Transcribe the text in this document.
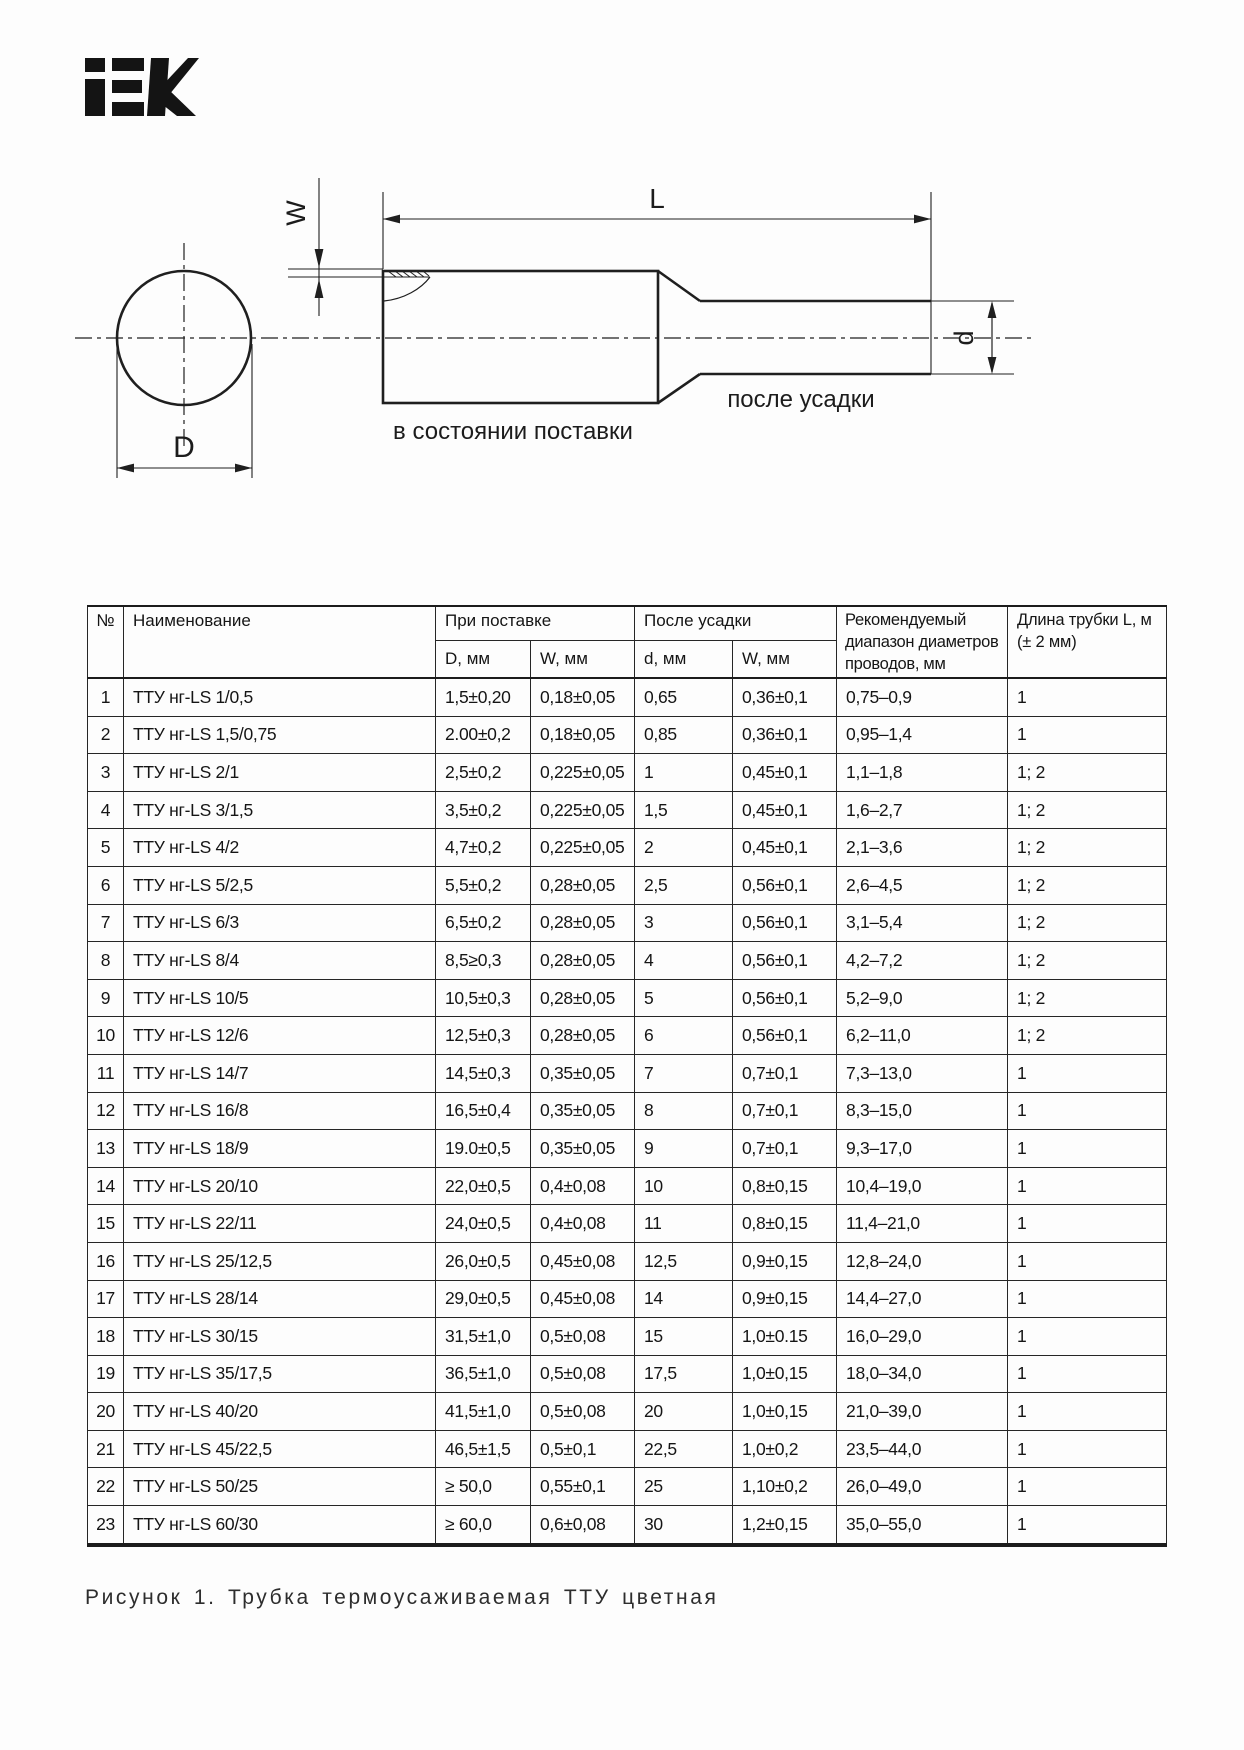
W	L
d
D	в состоянии поставки
после усадки
№	Наименование	При поставке		После усадки		Рекомендуемый диапазон диаметров проводов, мм	Длина трубки L, м
(± 2 мм)

		D, мм	W, мм	d, мм	W, мм		
1	ТТУ нг-LS 1/0,5	1,5±0,20	0,18±0,05	0,65	0,36±0,1	0,75–0,9	1
2	ТТУ нг-LS 1,5/0,75	2.00±0,2	0,18±0,05	0,85	0,36±0,1	0,95–1,4	1
3	ТТУ нг-LS 2/1	2,5±0,2	0,225±0,05	1	0,45±0,1	1,1–1,8	1; 2
4	ТТУ нг-LS 3/1,5	3,5±0,2	0,225±0,05	1,5	0,45±0,1	1,6–2,7	1; 2
5	ТТУ нг-LS 4/2	4,7±0,2	0,225±0,05	2	0,45±0,1	2,1–3,6	1; 2
6	ТТУ нг-LS 5/2,5	5,5±0,2	0,28±0,05	2,5	0,56±0,1	2,6–4,5	1; 2
7	ТТУ нг-LS 6/3	6,5±0,2	0,28±0,05	3	0,56±0,1	3,1–5,4	1; 2
8	ТТУ нг-LS 8/4	8,5≥0,3	0,28±0,05	4	0,56±0,1	4,2–7,2	1; 2
9	ТТУ нг-LS 10/5	10,5±0,3	0,28±0,05	5	0,56±0,1	5,2–9,0	1; 2
10	ТТУ нг-LS 12/6	12,5±0,3	0,28±0,05	6	0,56±0,1	6,2–11,0	1; 2
11	ТТУ нг-LS 14/7	14,5±0,3	0,35±0,05	7	0,7±0,1	7,3–13,0	1
12	ТТУ нг-LS 16/8	16,5±0,4	0,35±0,05	8	0,7±0,1	8,3–15,0	1
13	ТТУ нг-LS 18/9	19.0±0,5	0,35±0,05	9	0,7±0,1	9,3–17,0	1
14	ТТУ нг-LS 20/10	22,0±0,5	0,4±0,08	10	0,8±0,15	10,4–19,0	1
15	ТТУ нг-LS 22/11	24,0±0,5	0,4±0,08	11	0,8±0,15	11,4–21,0	1
16	ТТУ нг-LS 25/12,5	26,0±0,5	0,45±0,08	12,5	0,9±0,15	12,8–24,0	1
17	ТТУ нг-LS 28/14	29,0±0,5	0,45±0,08	14	0,9±0,15	14,4–27,0	1
18	ТТУ нг-LS 30/15	31,5±1,0	0,5±0,08	15	1,0±0.15	16,0–29,0	1
19	ТТУ нг-LS 35/17,5	36,5±1,0	0,5±0,08	17,5	1,0±0,15	18,0–34,0	1
20	ТТУ нг-LS 40/20	41,5±1,0	0,5±0,08	20	1,0±0,15	21,0–39,0	1
21	ТТУ нг-LS 45/22,5	46,5±1,5	0,5±0,1	22,5	1,0±0,2	23,5–44,0	1
22	ТТУ нг-LS 50/25	≥ 50,0	0,55±0,1	25	1,10±0,2	26,0–49,0	1
23	ТТУ нг-LS 60/30	≥ 60,0	0,6±0,08	30	1,2±0,15	35,0–55,0	1
Рисунок 1. Трубка термоусаживаемая ТТУ цветная
